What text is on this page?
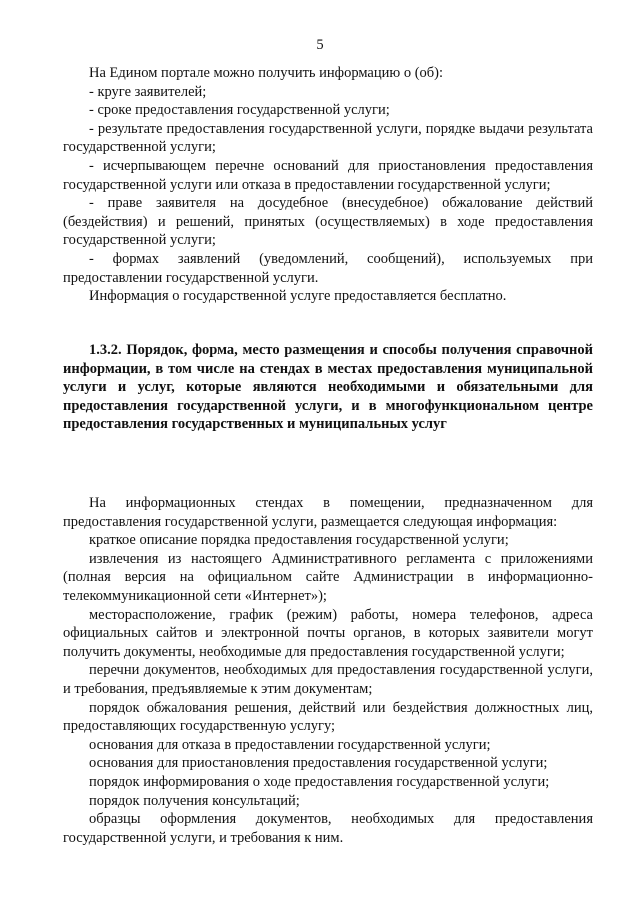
5

На Едином портале можно получить информацию о (об):

- круге заявителей;

- сроке предоставления государственной услуги;

- результате предоставления государственной услуги, порядке выдачи результата государственной услуги;

- исчерпывающем перечне оснований для приостановления предоставления государственной услуги или отказа в предоставлении государственной услуги;

- праве заявителя на досудебное (внесудебное) обжалование действий (бездействия) и решений, принятых (осуществляемых) в ходе предоставления государственной услуги;

- формах заявлений (уведомлений, сообщений), используемых при предоставлении государственной услуги.

Информация о государственной услуге предоставляется бесплатно.

1.3.2. Порядок, форма, место размещения и способы получения справочной информации, в том числе на стендах в местах предоставления муниципальной услуги и услуг, которые являются необходимыми и обязательными для предоставления государственной услуги, и в многофункциональном центре предоставления государственных и муниципальных услуг

На информационных стендах в помещении, предназначенном для предоставления государственной услуги, размещается следующая информация:

краткое описание порядка предоставления государственной услуги;

извлечения из настоящего Административного регламента с приложениями (полная версия на официальном сайте Администрации в информационно-телекоммуникационной сети «Интернет»);

месторасположение, график (режим) работы, номера телефонов, адреса официальных сайтов и электронной почты органов, в которых заявители могут получить документы, необходимые для предоставления государственной услуги;

перечни документов, необходимых для предоставления государственной услуги, и требования, предъявляемые к этим документам;

порядок обжалования решения, действий или бездействия должностных лиц, предоставляющих государственную услугу;

основания для отказа в предоставлении государственной услуги;

основания для приостановления предоставления государственной услуги;

порядок информирования о ходе предоставления государственной услуги;

порядок получения консультаций;

образцы оформления документов, необходимых для предоставления государственной услуги, и требования к ним.
